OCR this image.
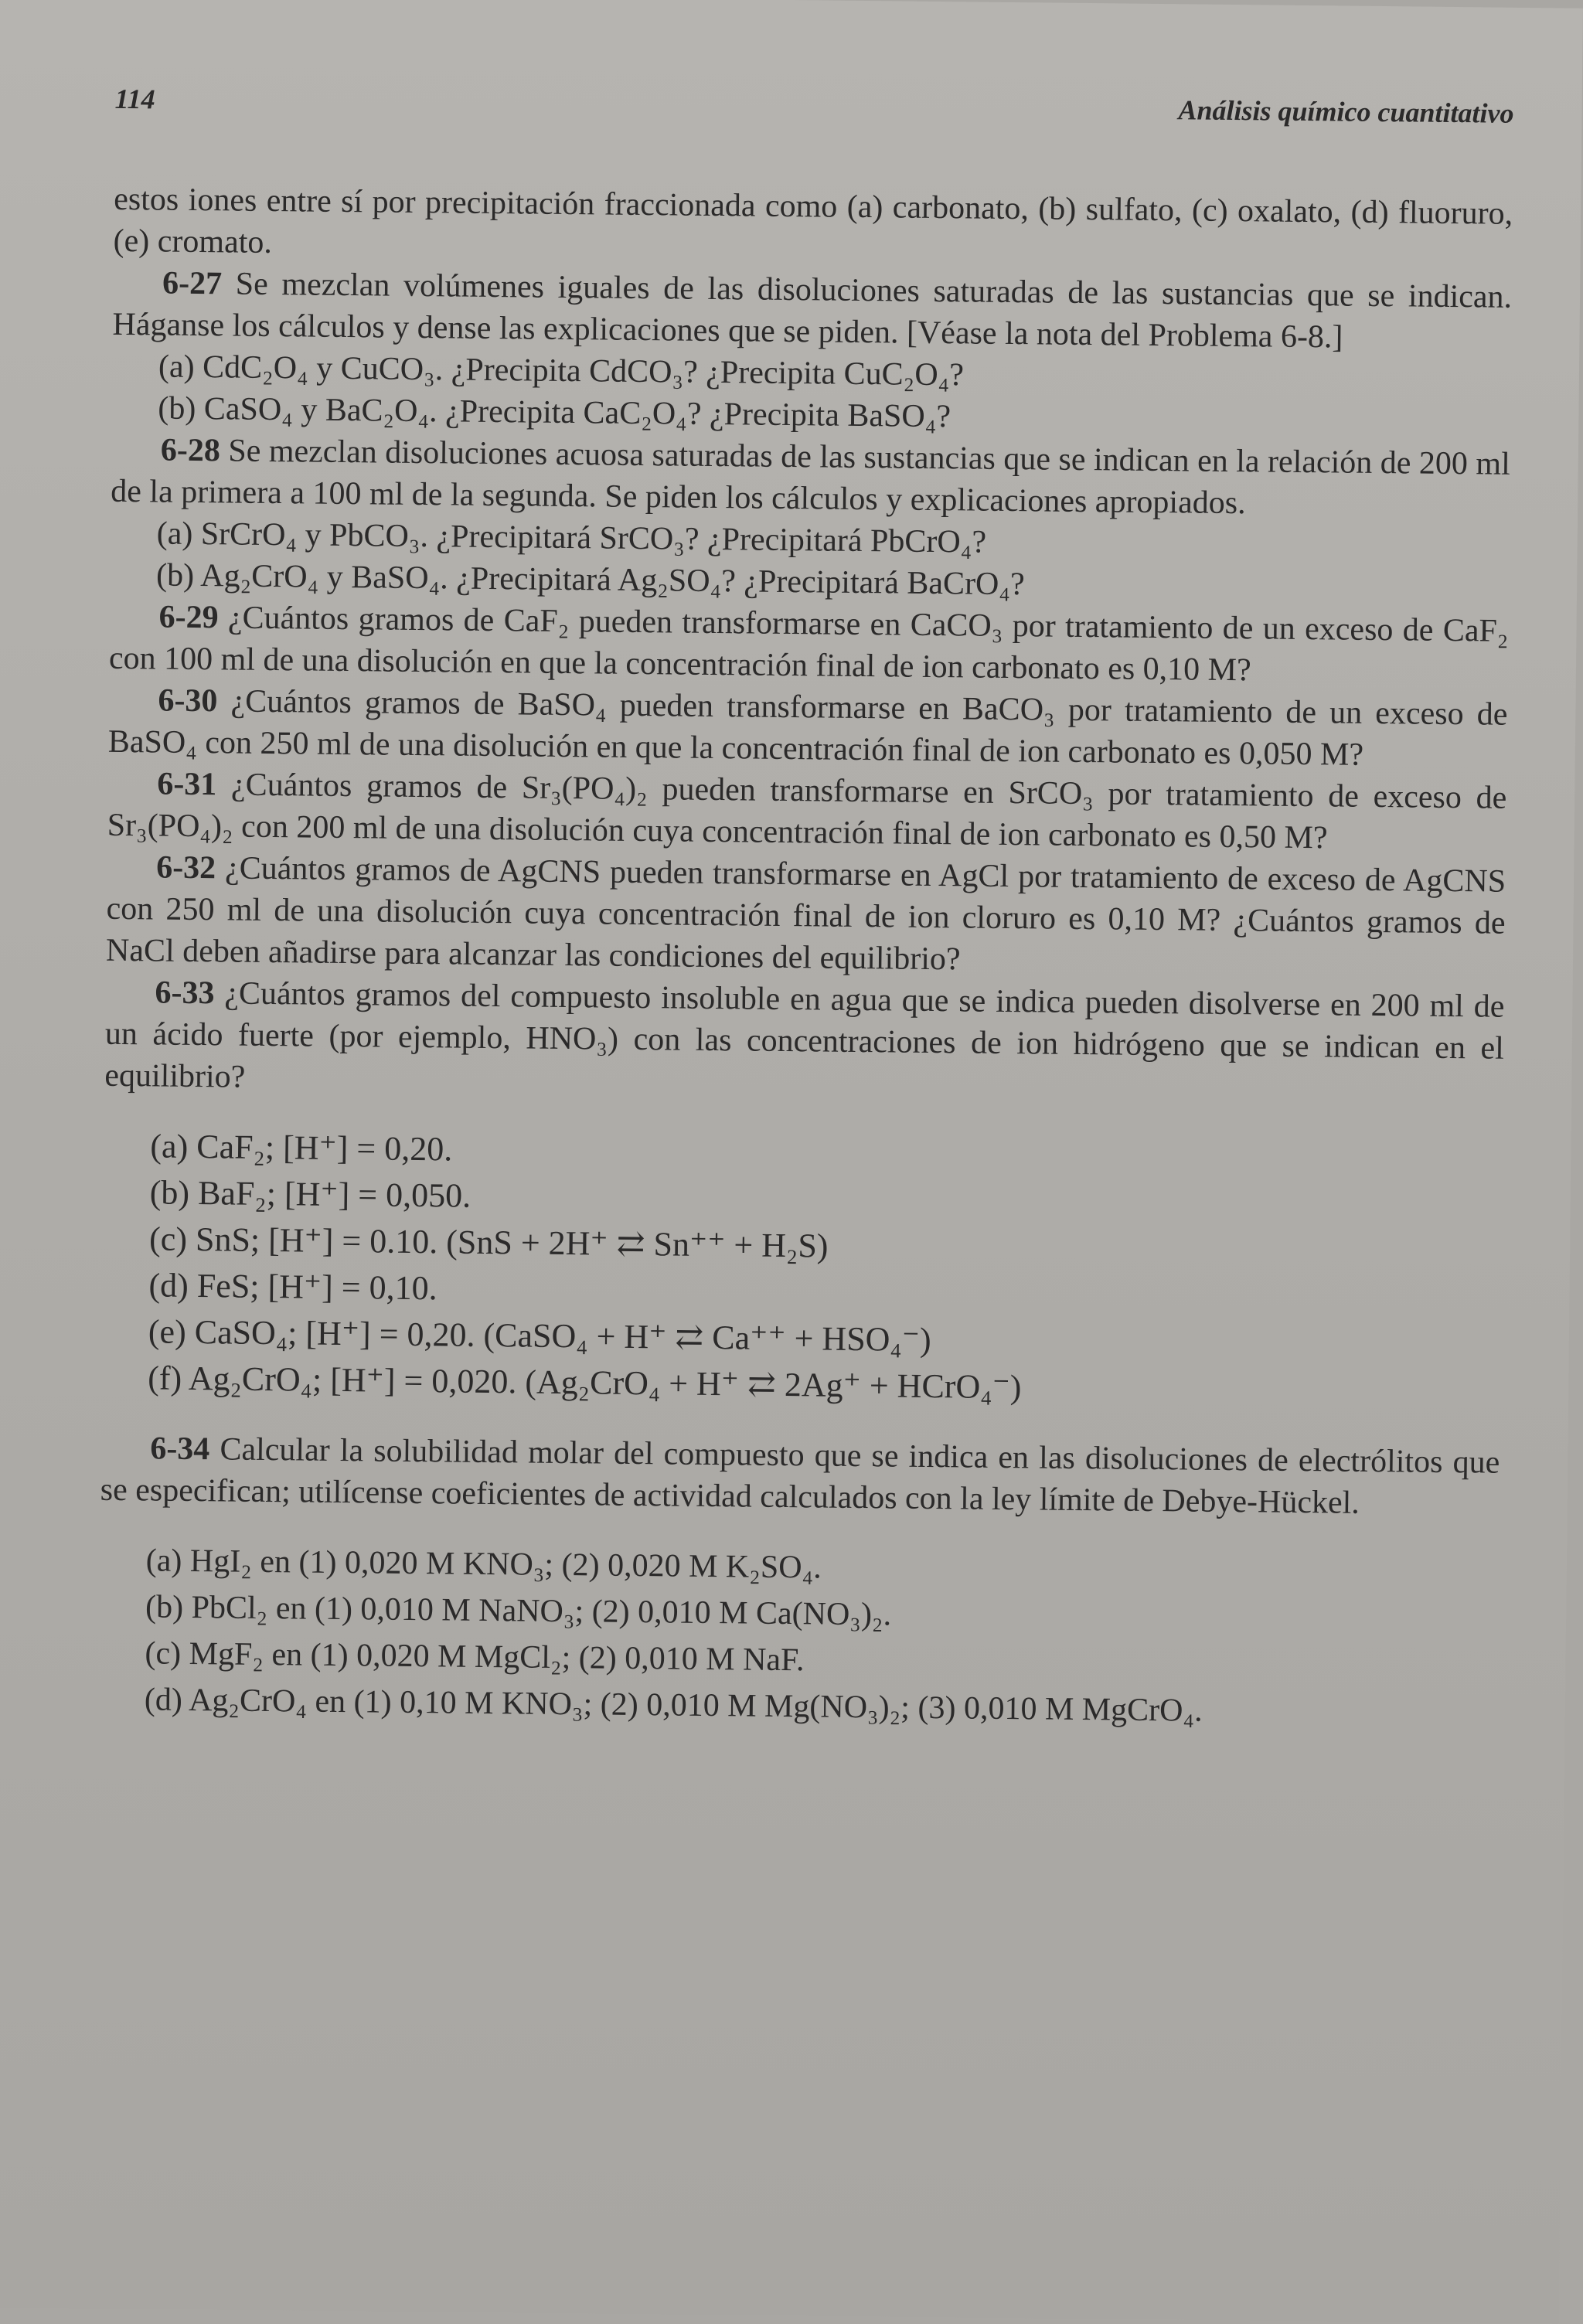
114	Análisis químico cuantitativo

estos iones entre sí por precipitación fraccionada como (a) carbonato, (b) sulfato, (c) oxalato, (d) fluoruro, (e) cromato.

6-27 Se mezclan volúmenes iguales de las disoluciones saturadas de las sustancias que se indican. Háganse los cálculos y dense las explicaciones que se piden. [Véase la nota del Problema 6-8.]

(a) CdC₂O₄ y CuCO₃. ¿Precipita CdCO₃? ¿Precipita CuC₂O₄?

(b) CaSO₄ y BaC₂O₄. ¿Precipita CaC₂O₄? ¿Precipita BaSO₄?

6-28 Se mezclan disoluciones acuosa saturadas de las sustancias que se indican en la relación de 200 ml de la primera a 100 ml de la segunda. Se piden los cálculos y explicaciones apropiados.

(a) SrCrO₄ y PbCO₃. ¿Precipitará SrCO₃? ¿Precipitará PbCrO₄?

(b) Ag₂CrO₄ y BaSO₄. ¿Precipitará Ag₂SO₄? ¿Precipitará BaCrO₄?

6-29 ¿Cuántos gramos de CaF₂ pueden transformarse en CaCO₃ por tratamiento de un exceso de CaF₂ con 100 ml de una disolución en que la concentración final de ion carbonato es 0,10 M?

6-30 ¿Cuántos gramos de BaSO₄ pueden transformarse en BaCO₃ por tratamiento de un exceso de BaSO₄ con 250 ml de una disolución en que la concentración final de ion carbonato es 0,050 M?

6-31 ¿Cuántos gramos de Sr₃(PO₄)₂ pueden transformarse en SrCO₃ por tratamiento de exceso de Sr₃(PO₄)₂ con 200 ml de una disolución cuya concentración final de ion carbonato es 0,50 M?

6-32 ¿Cuántos gramos de AgCNS pueden transformarse en AgCl por tratamiento de exceso de AgCNS con 250 ml de una disolución cuya concentración final de ion cloruro es 0,10 M? ¿Cuántos gramos de NaCl deben añadirse para alcanzar las condiciones del equilibrio?

6-33 ¿Cuántos gramos del compuesto insoluble en agua que se indica pueden disolverse en 200 ml de un ácido fuerte (por ejemplo, HNO₃) con las concentraciones de ion hidrógeno que se indican en el equilibrio?

(a) CaF₂; [H⁺] = 0,20.

(b) BaF₂; [H⁺] = 0,050.

(c) SnS; [H⁺] = 0.10. (SnS + 2H⁺ ⇄ Sn⁺⁺ + H₂S)

(d) FeS; [H⁺] = 0,10.

(e) CaSO₄; [H⁺] = 0,20. (CaSO₄ + H⁺ ⇄ Ca⁺⁺ + HSO₄⁻)

(f) Ag₂CrO₄; [H⁺] = 0,020. (Ag₂CrO₄ + H⁺ ⇄ 2Ag⁺ + HCrO₄⁻)

6-34 Calcular la solubilidad molar del compuesto que se indica en las disoluciones de electrólitos que se especifican; utilícense coeficientes de actividad calculados con la ley límite de Debye-Hückel.

(a) HgI₂ en (1) 0,020 M KNO₃; (2) 0,020 M K₂SO₄.

(b) PbCl₂ en (1) 0,010 M NaNO₃; (2) 0,010 M Ca(NO₃)₂.

(c) MgF₂ en (1) 0,020 M MgCl₂; (2) 0,010 M NaF.

(d) Ag₂CrO₄ en (1) 0,10 M KNO₃; (2) 0,010 M Mg(NO₃)₂; (3) 0,010 M MgCrO₄.
